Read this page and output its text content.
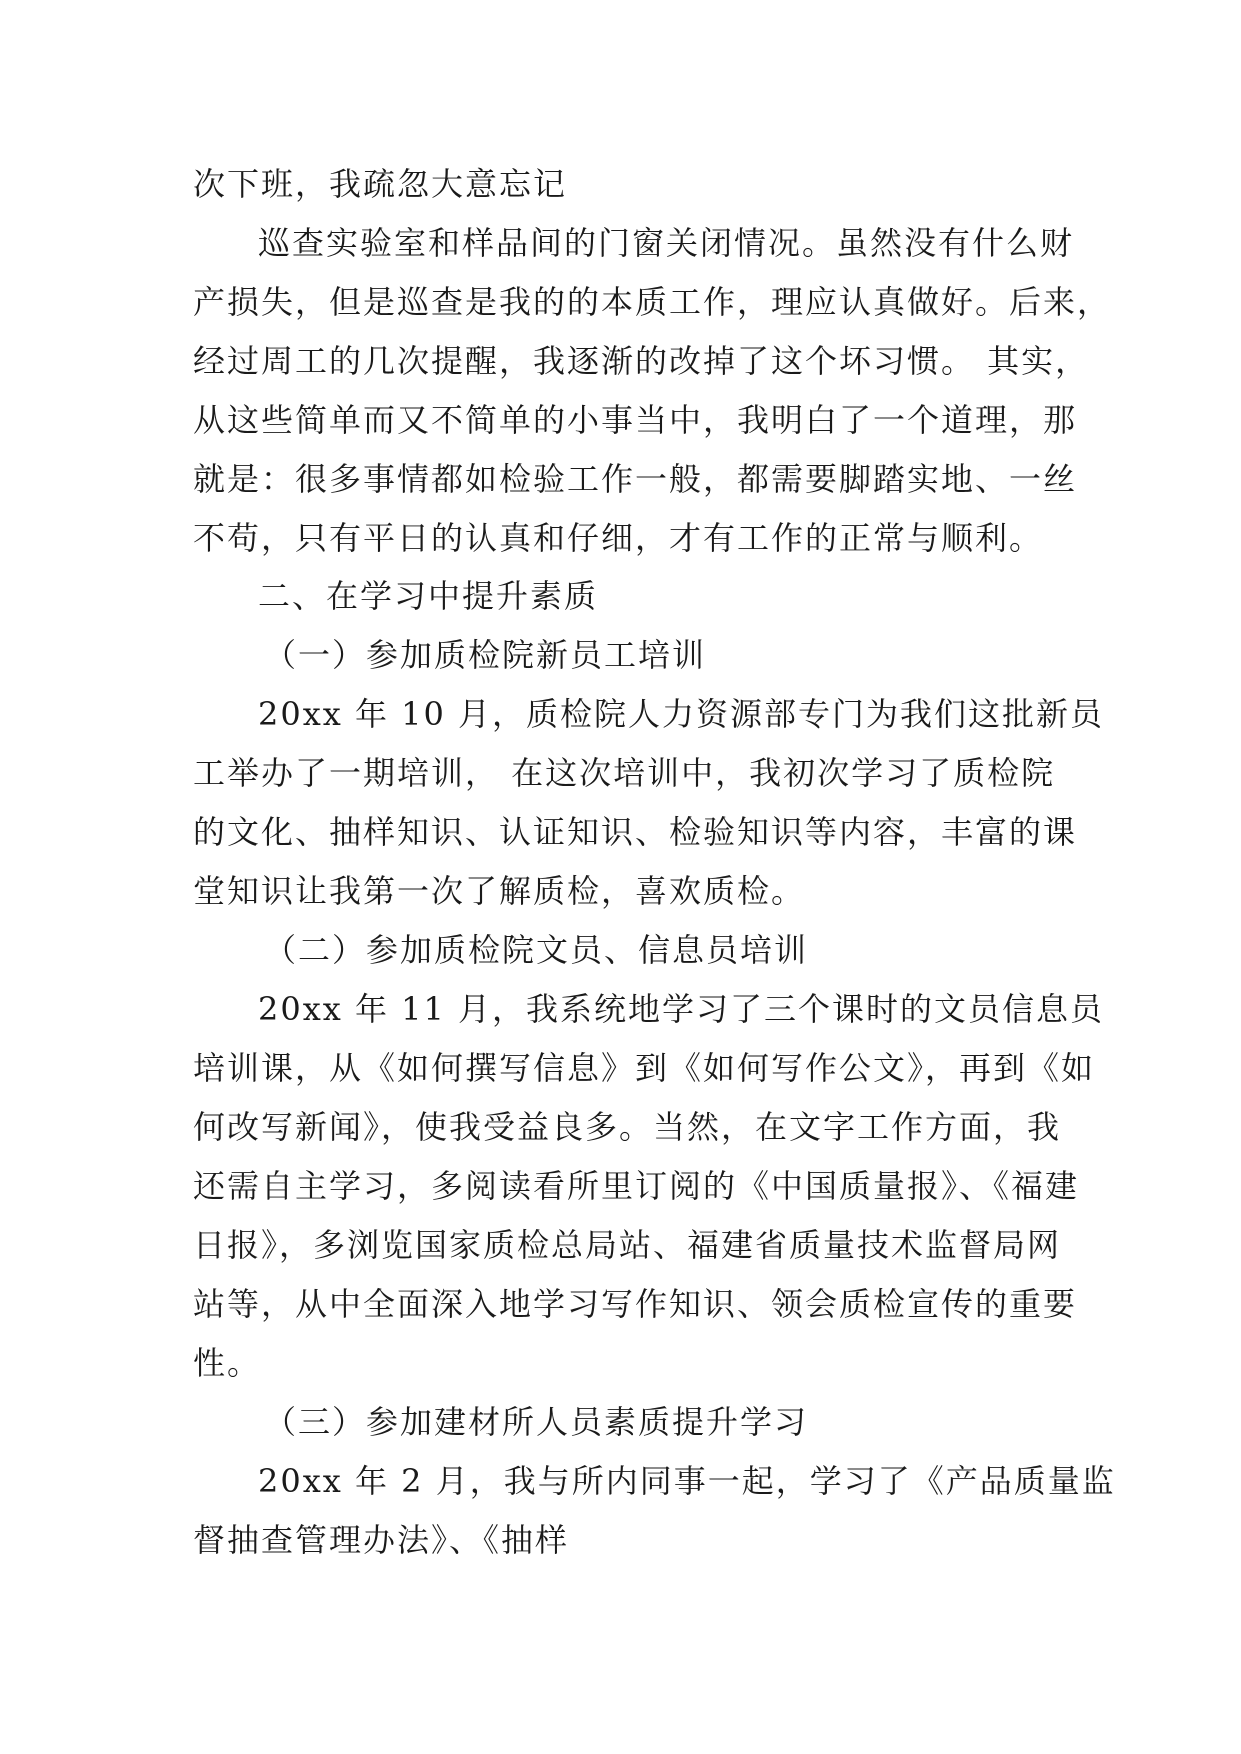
次下班，我疏忽大意忘记
巡查实验室和样品间的门窗关闭情况。虽然没有什么财
产损失，但是巡查是我的的本质工作，理应认真做好。后来，
经过周工的几次提醒，我逐渐的改掉了这个坏习惯。 其实，
从这些简单而又不简单的小事当中，我明白了一个道理，那
就是：很多事情都如检验工作一般，都需要脚踏实地、一丝
不苟，只有平日的认真和仔细，才有工作的正常与顺利。
二、在学习中提升素质
（一）参加质检院新员工培训
20xx 年 10 月，质检院人力资源部专门为我们这批新员
工举办了一期培训， 在这次培训中，我初次学习了质检院
的文化、抽样知识、认证知识、检验知识等内容，丰富的课
堂知识让我第一次了解质检，喜欢质检。
（二）参加质检院文员、信息员培训
20xx 年 11 月，我系统地学习了三个课时的文员信息员
培训课，从《如何撰写信息》到《如何写作公文》，再到《如
何改写新闻》，使我受益良多。当然，在文字工作方面，我
还需自主学习，多阅读看所里订阅的《中国质量报》、《福建
日报》，多浏览国家质检总局站、福建省质量技术监督局网
站等，从中全面深入地学习写作知识、领会质检宣传的重要
性。
（三）参加建材所人员素质提升学习
20xx 年 2 月，我与所内同事一起，学习了《产品质量监
督抽查管理办法》、《抽样
